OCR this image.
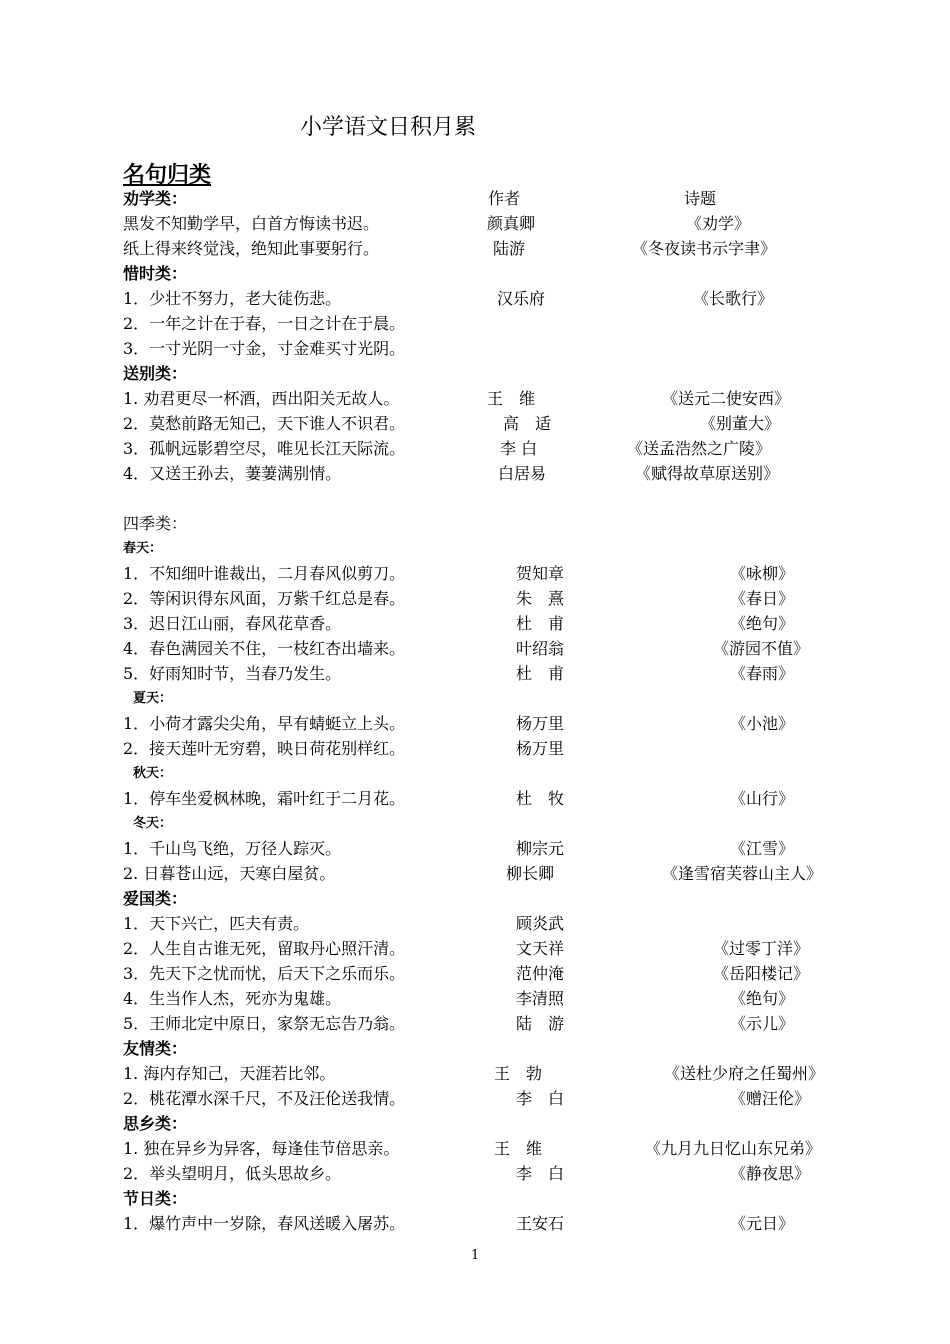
小学语文日积月累
名句归类
劝学类：	作者	诗题
黑发不知勤学早，白首方悔读书迟。	颜真卿	《劝学》
纸上得来终觉浅，绝知此事要躬行。	陆游	《冬夜读书示字聿》
惜时类：
1．少壮不努力，老大徒伤悲。	汉乐府	《长歌行》
2．一年之计在于春，一日之计在于晨。
3．一寸光阴一寸金，寸金难买寸光阴。
送别类：
1. 劝君更尽一杯酒，西出阳关无故人。	王　维	《送元二使安西》
2．莫愁前路无知己，天下谁人不识君。	高　适	《别董大》
3．孤帆远影碧空尽，唯见长江天际流。	李 白	《送孟浩然之广陵》
4．又送王孙去，萋萋满别情。	白居易	《赋得故草原送别》
四季类：
春天：
1．不知细叶谁裁出，二月春风似剪刀。	贺知章	《咏柳》
2．等闲识得东风面，万紫千红总是春。	朱　熹	《春日》
3．迟日江山丽，春风花草香。	杜　甫	《绝句》
4．春色满园关不住，一枝红杏出墙来。	叶绍翁	《游园不值》
5．好雨知时节，当春乃发生。	杜　甫	《春雨》
夏天：
1．小荷才露尖尖角，早有蜻蜓立上头。	杨万里	《小池》
2．接天莲叶无穷碧，映日荷花别样红。	杨万里
秋天：
1．停车坐爱枫林晚，霜叶红于二月花。	杜　牧	《山行》
冬天：
1．千山鸟飞绝，万径人踪灭。	柳宗元	《江雪》
2. 日暮苍山远，天寒白屋贫。	柳长卿	《逢雪宿芙蓉山主人》
爱国类：
1．天下兴亡，匹夫有责。	顾炎武
2．人生自古谁无死，留取丹心照汗清。	文天祥	《过零丁洋》
3．先天下之忧而忧，后天下之乐而乐。	范仲淹	《岳阳楼记》
4．生当作人杰，死亦为鬼雄。	李清照	《绝句》
5．王师北定中原日，家祭无忘告乃翁。	陆　游	《示儿》
友情类：
1. 海内存知己，天涯若比邻。	王　勃	《送杜少府之任蜀州》
2．桃花潭水深千尺，不及汪伦送我情。	李　白	《赠汪伦》
思乡类：
1. 独在异乡为异客，每逢佳节倍思亲。	王　维	《九月九日忆山东兄弟》
2．举头望明月，低头思故乡。	李　白	《静夜思》
节日类：
1．爆竹声中一岁除，春风送暖入屠苏。	王安石	《元日》
1
